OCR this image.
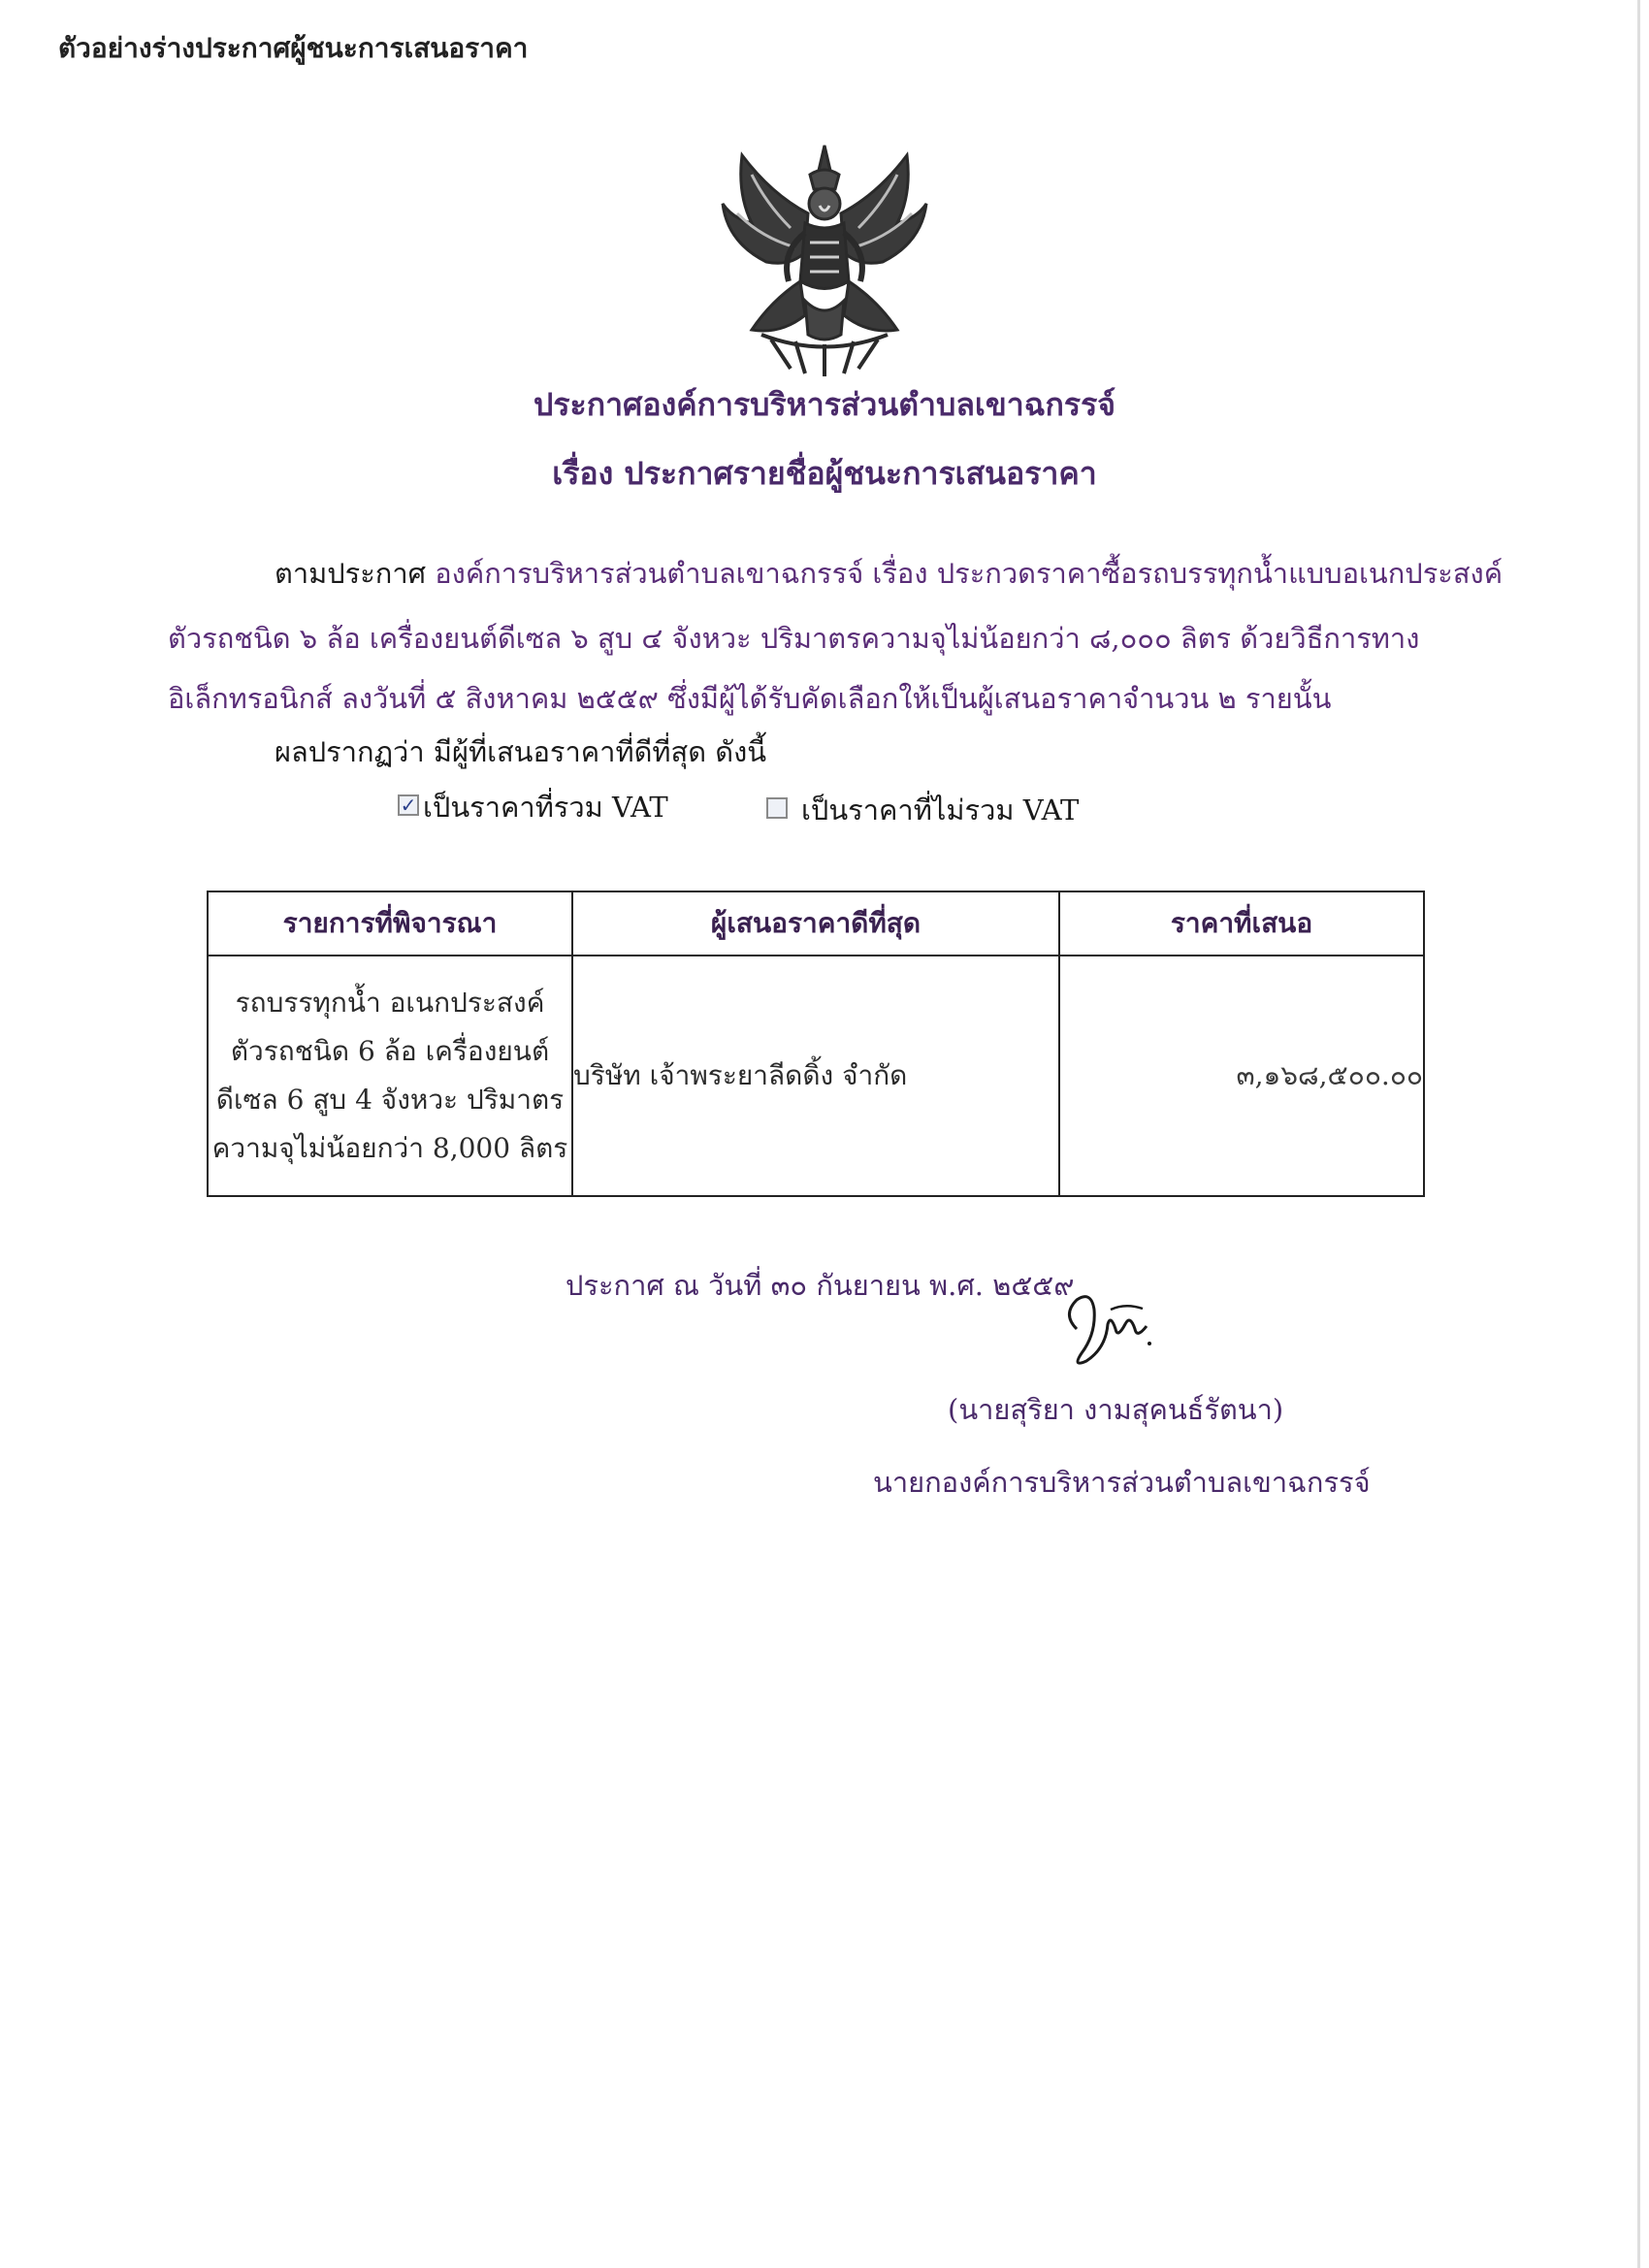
ตัวอย่างร่างประกาศผู้ชนะการเสนอราคา
ประกาศองค์การบริหารส่วนตำบลเขาฉกรรจ์
เรื่อง ประกาศรายชื่อผู้ชนะการเสนอราคา
ตามประกาศ องค์การบริหารส่วนตำบลเขาฉกรรจ์ เรื่อง ประกวดราคาซื้อรถบรรทุกน้ำแบบอเนกประสงค์
ตัวรถชนิด ๖ ล้อ เครื่องยนต์ดีเซล ๖ สูบ ๔ จังหวะ ปริมาตรความจุไม่น้อยกว่า ๘,๐๐๐ ลิตร ด้วยวิธีการทาง
อิเล็กทรอนิกส์ ลงวันที่ ๕ สิงหาคม ๒๕๕๙ ซึ่งมีผู้ได้รับคัดเลือกให้เป็นผู้เสนอราคาจำนวน ๒ รายนั้น
ผลปรากฏว่า มีผู้ที่เสนอราคาที่ดีที่สุด ดังนี้
✓ เป็นราคาที่รวม VAT	เป็นราคาที่ไม่รวม VAT
รายการที่พิจารณา	ผู้เสนอราคาดีที่สุด	ราคาที่เสนอ

รถบรรทุกน้ำ อเนกประสงค์
ตัวรถชนิด 6 ล้อ เครื่องยนต์
ดีเซล 6 สูบ 4 จังหวะ ปริมาตร
ความจุไม่น้อยกว่า 8,000 ลิตร	บริษัท เจ้าพระยาลีดดิ้ง จำกัด	๓,๑๖๘,๕๐๐.๐๐
ประกาศ ณ วันที่ ๓๐ กันยายน พ.ศ. ๒๕๕๙
(นายสุริยา งามสุคนธ์รัตนา)
นายกองค์การบริหารส่วนตำบลเขาฉกรรจ์
